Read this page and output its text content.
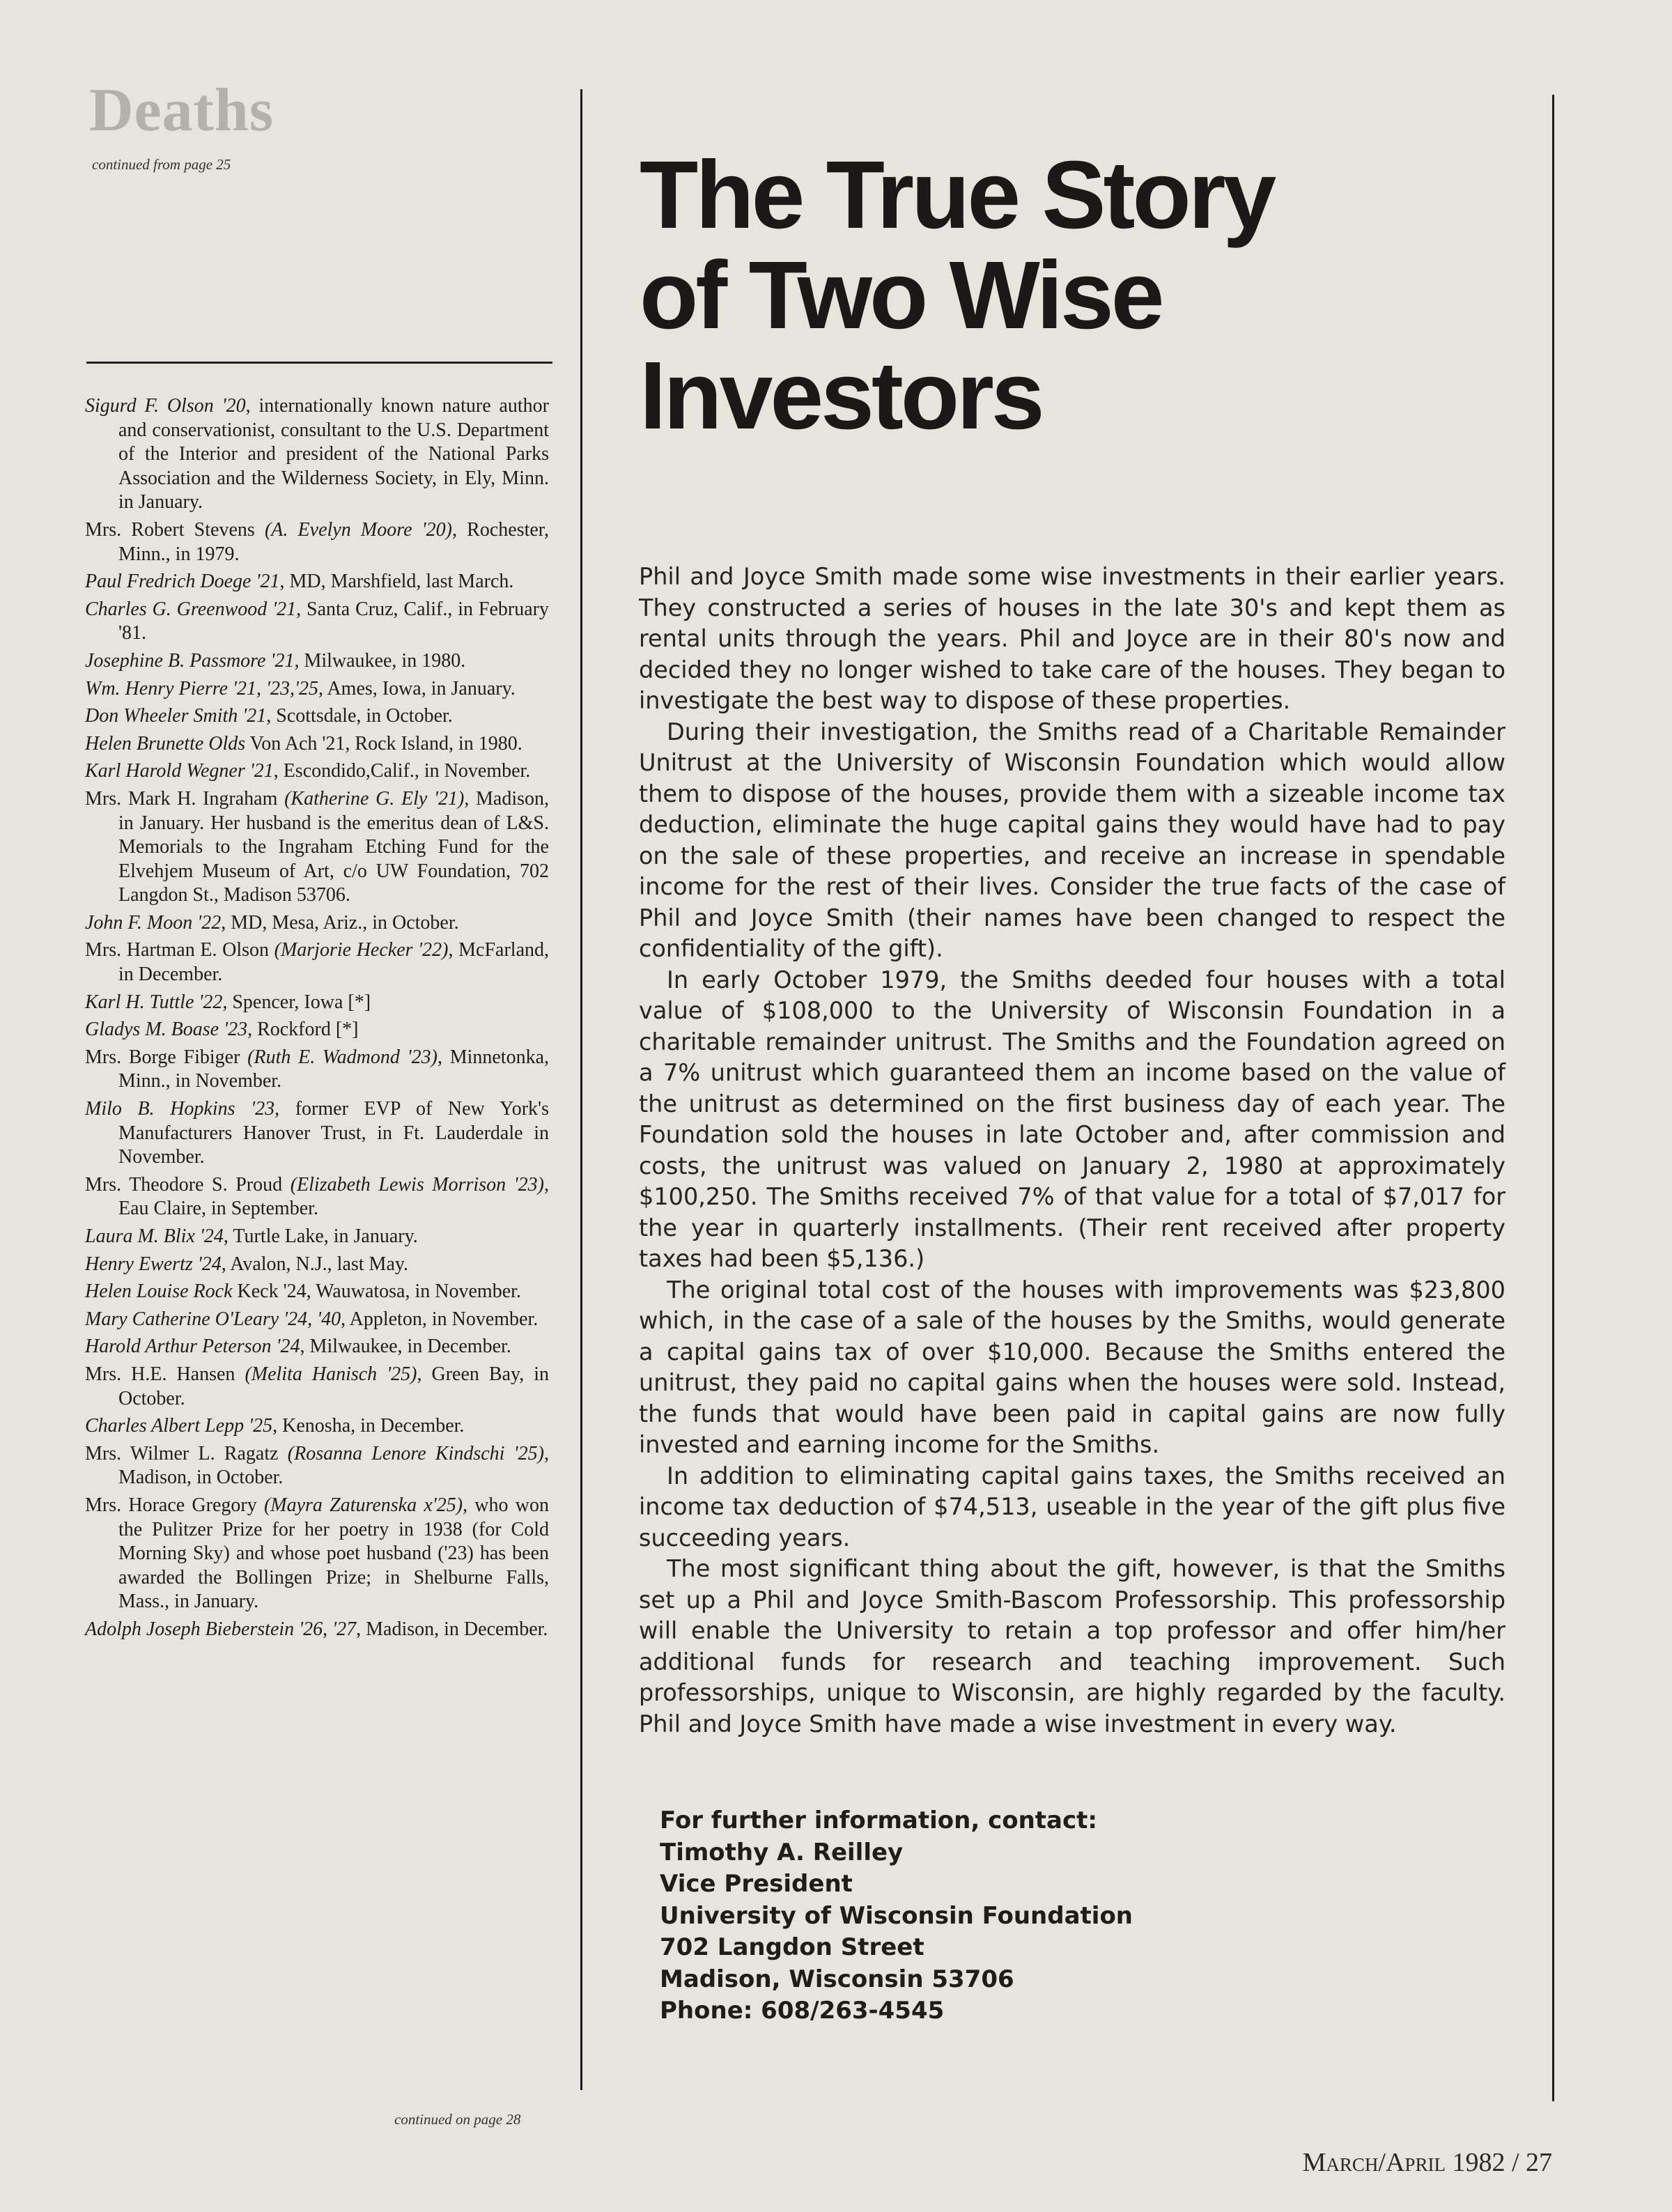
Deaths
continued from page 25
Sigurd F. Olson '20, internationally known nature author and conservationist, consultant to the U.S. Department of the Interior and president of the National Parks Association and the Wilderness Society, in Ely, Minn. in January.
Mrs. Robert Stevens (A. Evelyn Moore '20), Rochester, Minn., in 1979.
Paul Fredrich Doege '21, MD, Marshfield, last March.
Charles G. Greenwood '21, Santa Cruz, Calif., in February '81.
Josephine B. Passmore '21, Milwaukee, in 1980.
Wm. Henry Pierre '21, '23,'25, Ames, Iowa, in January.
Don Wheeler Smith '21, Scottsdale, in October.
Helen Brunette Olds Von Ach '21, Rock Island, in 1980.
Karl Harold Wegner '21, Escondido,Calif., in November.
Mrs. Mark H. Ingraham (Katherine G. Ely '21), Madison, in January. Her husband is the emeritus dean of L&S. Memorials to the Ingraham Etching Fund for the Elvehjem Museum of Art, c/o UW Foundation, 702 Langdon St., Madison 53706.
John F. Moon '22, MD, Mesa, Ariz., in October.
Mrs. Hartman E. Olson (Marjorie Hecker '22), McFarland, in December.
Karl H. Tuttle '22, Spencer, Iowa [*]
Gladys M. Boase '23, Rockford [*]
Mrs. Borge Fibiger (Ruth E. Wadmond '23), Minnetonka, Minn., in November.
Milo B. Hopkins '23, former EVP of New York's Manufacturers Hanover Trust, in Ft. Lauderdale in November.
Mrs. Theodore S. Proud (Elizabeth Lewis Morrison '23), Eau Claire, in September.
Laura M. Blix '24, Turtle Lake, in January.
Henry Ewertz '24, Avalon, N.J., last May.
Helen Louise Rock Keck '24, Wauwatosa, in November.
Mary Catherine O'Leary '24, '40, Appleton, in November.
Harold Arthur Peterson '24, Milwaukee, in December.
Mrs. H.E. Hansen (Melita Hanisch '25), Green Bay, in October.
Charles Albert Lepp '25, Kenosha, in December.
Mrs. Wilmer L. Ragatz (Rosanna Lenore Kindschi '25), Madison, in October.
Mrs. Horace Gregory (Mayra Zaturenska x'25), who won the Pulitzer Prize for her poetry in 1938 (for Cold Morning Sky) and whose poet husband ('23) has been awarded the Bollingen Prize; in Shelburne Falls, Mass., in January.
Adolph Joseph Bieberstein '26, '27, Madison, in December.
continued on page 28
The True Story
of Two Wise
Investors

Phil and Joyce Smith made some wise investments in their earlier years. They constructed a series of houses in the late 30's and kept them as rental units through the years. Phil and Joyce are in their 80's now and decided they no longer wished to take care of the houses. They began to investigate the best way to dispose of these properties.

During their investigation, the Smiths read of a Charitable Remainder Unitrust at the University of Wisconsin Foundation which would allow them to dispose of the houses, provide them with a sizeable income tax deduction, eliminate the huge capital gains they would have had to pay on the sale of these properties, and receive an increase in spendable income for the rest of their lives. Consider the true facts of the case of Phil and Joyce Smith (their names have been changed to respect the confidentiality of the gift).

In early October 1979, the Smiths deeded four houses with a total value of $108,000 to the University of Wisconsin Foundation in a charitable remainder unitrust. The Smiths and the Foundation agreed on a 7% unitrust which guaranteed them an income based on the value of the unitrust as determined on the first business day of each year. The Foundation sold the houses in late October and, after commission and costs, the unitrust was valued on January 2, 1980 at approximately $100,250. The Smiths received 7% of that value for a total of $7,017 for the year in quarterly installments. (Their rent received after property taxes had been $5,136.)

The original total cost of the houses with improvements was $23,800 which, in the case of a sale of the houses by the Smiths, would generate a capital gains tax of over $10,000. Because the Smiths entered the unitrust, they paid no capital gains when the houses were sold. Instead, the funds that would have been paid in capital gains are now fully invested and earning income for the Smiths.

In addition to eliminating capital gains taxes, the Smiths received an income tax deduction of $74,513, useable in the year of the gift plus five succeeding years.

The most significant thing about the gift, however, is that the Smiths set up a Phil and Joyce Smith-Bascom Professorship. This professorship will enable the University to retain a top professor and offer him/her additional funds for research and teaching improvement. Such professorships, unique to Wisconsin, are highly regarded by the faculty. Phil and Joyce Smith have made a wise investment in every way.

For further information, contact:
Timothy A. Reilley
Vice President
University of Wisconsin Foundation
702 Langdon Street
Madison, Wisconsin 53706
Phone: 608/263-4545
March/April 1982 / 27
